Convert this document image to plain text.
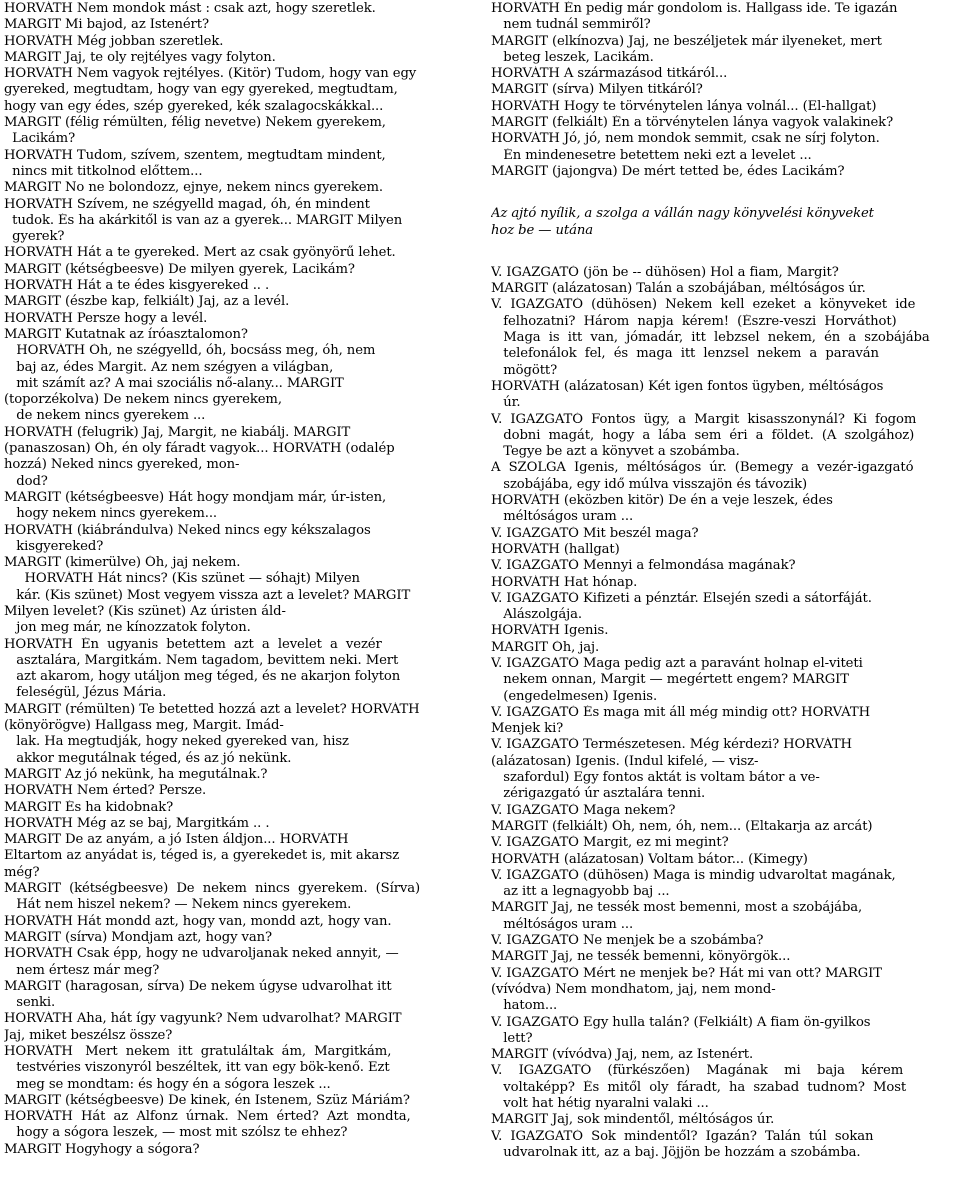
HORVÁTH Nem mondok mást : csak azt, hogy szeretlek.
MARGIT Mi bajod, az Istenért?
HORVÁTH Még jobban szeretlek.
MARGIT Jaj, te oly rejtélyes vagy folyton.
HORVÁTH Nem vagyok rejtélyes. (Kitör) Tudom, hogy van egy
gyereked, megtudtam, hogy van egy gyereked, megtudtam,
hogy van egy édes, szép gyereked, kék szalagocskákkal...
MARGIT (félig rémülten, félig nevetve) Nekem gyerekem,
Lacikám?
HORVÁTH Tudom, szívem, szentem, megtudtam mindent,
nincs mit titkolnod előttem...
MARGIT No ne bolondozz, ejnye, nekem nincs gyerekem.
HORVÁTH Szívem, ne szégyelld magad, óh, én mindent
tudok. És ha akárkitől is van az a gyerek... MARGIT Milyen
gyerek?
HORVÁTH Hát a te gyereked. Mert az csak gyönyörű lehet.
MARGIT (kétségbeesve) De milyen gyerek, Lacikám?
HORVÁTH Hát a te édes kisgyereked .. .
MARGIT (észbe kap, felkiált) Jaj, az a levél.
HORVÁTH Persze hogy a levél.
MARGIT Kutatnak az íróasztalomon?
HORVÁTH Óh, ne szégyelld, óh, bocsáss meg, óh, nem
baj az, édes Margit. Az nem szégyen a világban,
mit számít az? A mai szociális nő-alany... MARGIT
(toporzékolva) De nekem nincs gyerekem,
de nekem nincs gyerekem ...
HORVÁTH (felugrik) Jaj, Margit, ne kiabálj. MARGIT
(panaszosan) Óh, én oly fáradt vagyok... HORVÁTH (odalép
hozzá) Neked nincs gyereked, mon-
dod?
MARGIT (kétségbeesve) Hát hogy mondjam már, úr-isten,
hogy nekem nincs gyerekem...
HORVÁTH (kiábrándulva) Neked nincs egy kékszalagos
kisgyereked?
MARGIT (kimerülve) Óh, jaj nekem.
HORVÁTH Hát nincs? (Kis szünet — sóhajt) Milyen
kár. (Kis szünet) Most vegyem vissza azt a levelet? MARGIT
Milyen levelet? (Kis szünet) Az úristen áld-
jon meg már, ne kínozzatok folyton.
HORVÁTH  Én  ugyanis  betettem  azt  a  levelet  a  vezér
asztalára, Margitkám. Nem tagadom, bevittem neki. Mert
azt akarom, hogy utáljon meg téged, és ne akarjon folyton
feleségül, Jézus Mária.
MARGIT (rémülten) Te betetted hozzá azt a levelet? HORVÁTH
(könyörögve) Hallgass meg, Margit. Imád-
lak. Ha megtudják, hogy neked gyereked van, hisz
akkor megutálnak téged, és az jó nekünk.
MARGIT Az jó nekünk, ha megutálnak.?
HORVÁTH Nem érted? Persze.
MARGIT És ha kidobnak?
HORVÁTH Még az se baj, Margitkám .. .
MARGIT De az anyám, a jó Isten áldjon... HORVÁTH
Eltartom az anyádat is, téged is, a gyerekedet is, mit akarsz
még?
MARGIT  (kétségbeesve)  De  nekem  nincs  gyerekem.  (Sírva)
Hát nem hiszel nekem? — Nekem nincs gyerekem.
HORVÁTH Hát mondd azt, hogy van, mondd azt, hogy van.
MARGIT (sírva) Mondjam azt, hogy van?
HORVÁTH Csak épp, hogy ne udvaroljanak neked annyit, —
nem értesz már meg?
MARGIT (haragosan, sírva) De nekem úgyse udvarolhat itt
senki.
HORVÁTH Aha, hát így vagyunk? Nem udvarolhat? MARGIT
Jaj, miket beszélsz össze?
HORVÁTH   Mert  nekem  itt  gratuláltak  ám,  Margitkám,
testvéries viszonyról beszéltek, itt van egy bök-kenő. Ezt
meg se mondtam: és hogy én a sógora leszek ...
MARGIT (kétségbeesve) De kinek, én Istenem, Szüz Máriám?
HORVÁTH  Hát  az  Alfonz  úrnak.  Nem  érted?  Azt  mondta,
hogy a sógora leszek, — most mit szólsz te ehhez?
MARGIT Hogyhogy a sógora?
HORVÁTH Én pedig már gondolom is. Hallgass ide. Te igazán
nem tudnál semmiről?
MARGIT (elkínozva) Jaj, ne beszéljetek már ilyeneket, mert
beteg leszek, Lacikám.
HORVÁTH A származásod titkáról...
MARGIT (sírva) Milyen titkáról?
HORVÁTH Hogy te törvénytelen lánya volnál... (El-hallgat)
MARGIT (felkiált) Én a törvénytelen lánya vagyok valakinek?
HORVÁTH Jó, jó, nem mondok semmit, csak ne sírj folyton.
Én mindenesetre betettem neki ezt a levelet ...
MARGIT (jajongva) De mért tetted be, édes Lacikám?
Az ajtó nyílik, a szolga a vállán nagy könyvelési könyveket
hoz be — utána
V. IGAZGATÓ (jön be -- dühösen) Hol a fiam, Margit?
MARGIT (alázatosan) Talán a szobájában, méltóságos úr.
V.  IGAZGATÓ  (dühösen)  Nekem  kell  ezeket  a  könyveket  ide
felhozatni?  Három  napja  kérem!  (Észre-veszi  Horváthot)
Maga  is  itt  van,  jómadár,  itt  lebzsel  nekem,  én  a  szobájába
telefonálok  fel,  és  maga  itt  lenzsel  nekem  a  paraván
mögött?
HORVÁTH (alázatosan) Két igen fontos ügyben, méltóságos
úr.
V.  IGAZGATÓ  Fontos  ügy,  a  Margit  kisasszonynál?  Ki  fogom
dobni  magát,  hogy  a  lába  sem  éri  a  földet.  (A  szolgához)
Tegye be azt a könyvet a szobámba.
A  SZOLGA  Igenis,  méltóságos  úr.  (Bemegy  a  vezér-igazgató
szobájába, egy idő múlva visszajön és távozik)
HORVÁTH (eközben kitör) De én a veje leszek, édes
méltóságos uram ...
V. IGAZGATÓ Mit beszél maga?
HORVÁTH (hallgat)
V. IGAZGATÓ Mennyi a felmondása magának?
HORVÁTH Hat hónap.
V. IGAZGATÓ Kifizeti a pénztár. Elsején szedi a sátorfáját.
Alászolgája.
HORVÁTH Igenis.
MARGIT Óh, jaj.
V. IGAZGATÓ Maga pedig azt a paravánt holnap el-viteti
nekem onnan, Margit — megértett engem? MARGIT
(engedelmesen) Igenis.
V. IGAZGATÓ És maga mit áll még mindig ott? HORVÁTH
Menjek ki?
V. IGAZGATÓ Természetesen. Még kérdezi? HORVÁTH
(alázatosan) Igenis. (Indul kifelé, — visz-
szafordul) Egy fontos aktát is voltam bátor a ve-
zérigazgató úr asztalára tenni.
V. IGAZGATÓ Maga nekem?
MARGIT (felkiált) Óh, nem, óh, nem... (Eltakarja az arcát)
V. IGAZGATÓ Margit, ez mi megint?
HORVÁTH (alázatosan) Voltam bátor... (Kimegy)
V. IGAZGATÓ (dühösen) Maga is mindig udvaroltat magának,
az itt a legnagyobb baj ...
MARGIT Jaj, ne tessék most bemenni, most a szobájába,
méltóságos uram ...
V. IGAZGATÓ Ne menjek be a szobámba?
MARGIT Jaj, ne tessék bemenni, könyörgök...
V. IGAZGATÓ Mért ne menjek be? Hát mi van ott? MARGIT
(vívódva) Nem mondhatom, jaj, nem mond-
hatom...
V. IGAZGATÓ Egy hulla talán? (Felkiált) A fiam ön-gyilkos
lett?
MARGIT (vívódva) Jaj, nem, az Istenért.
V.    IGAZGATÓ    (fürkészően)    Magának    mi    baja    kérem
voltaképp?  És  mitől  oly  fáradt,  ha  szabad  tudnom?  Most
volt hat hétig nyaralni valaki ...
MARGIT Jaj, sok mindentől, méltóságos úr.
V.  IGAZGATÓ  Sok  mindentől?  Igazán?  Talán  túl  sokan
udvarolnak itt, az a baj. Jöjjön be hozzám a szobámba.
